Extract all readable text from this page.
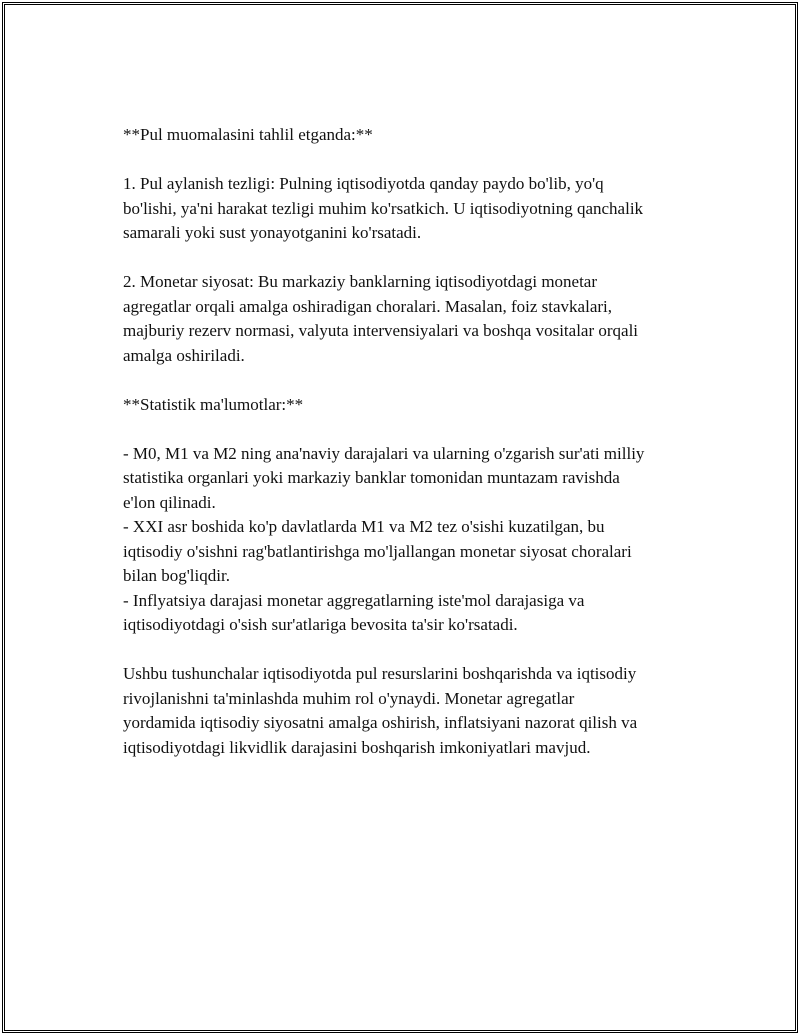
**Pul muomalasini tahlil etganda:**
1. Pul aylanish tezligi: Pulning iqtisodiyotda qanday paydo bo'lib, yo'q
bo'lishi, ya'ni harakat tezligi muhim ko'rsatkich. U iqtisodiyotning qanchalik
samarali yoki sust yonayotganini ko'rsatadi.
2. Monetar siyosat: Bu markaziy banklarning iqtisodiyotdagi monetar
agregatlar orqali amalga oshiradigan choralari. Masalan, foiz stavkalari,
majburiy rezerv normasi, valyuta intervensiyalari va boshqa vositalar orqali
amalga oshiriladi.
**Statistik ma'lumotlar:**
- M0, M1 va M2 ning ana'naviy darajalari va ularning o'zgarish sur'ati milliy
statistika organlari yoki markaziy banklar tomonidan muntazam ravishda
e'lon qilinadi.
- XXI asr boshida ko'p davlatlarda M1 va M2 tez o'sishi kuzatilgan, bu
iqtisodiy o'sishni rag'batlantirishga mo'ljallangan monetar siyosat choralari
bilan bog'liqdir.
- Inflyatsiya darajasi monetar aggregatlarning iste'mol darajasiga va
iqtisodiyotdagi o'sish sur'atlariga bevosita ta'sir ko'rsatadi.
Ushbu tushunchalar iqtisodiyotda pul resurslarini boshqarishda va iqtisodiy
rivojlanishni ta'minlashda muhim rol o'ynaydi. Monetar agregatlar
yordamida iqtisodiy siyosatni amalga oshirish, inflatsiyani nazorat qilish va
iqtisodiyotdagi likvidlik darajasini boshqarish imkoniyatlari mavjud.
